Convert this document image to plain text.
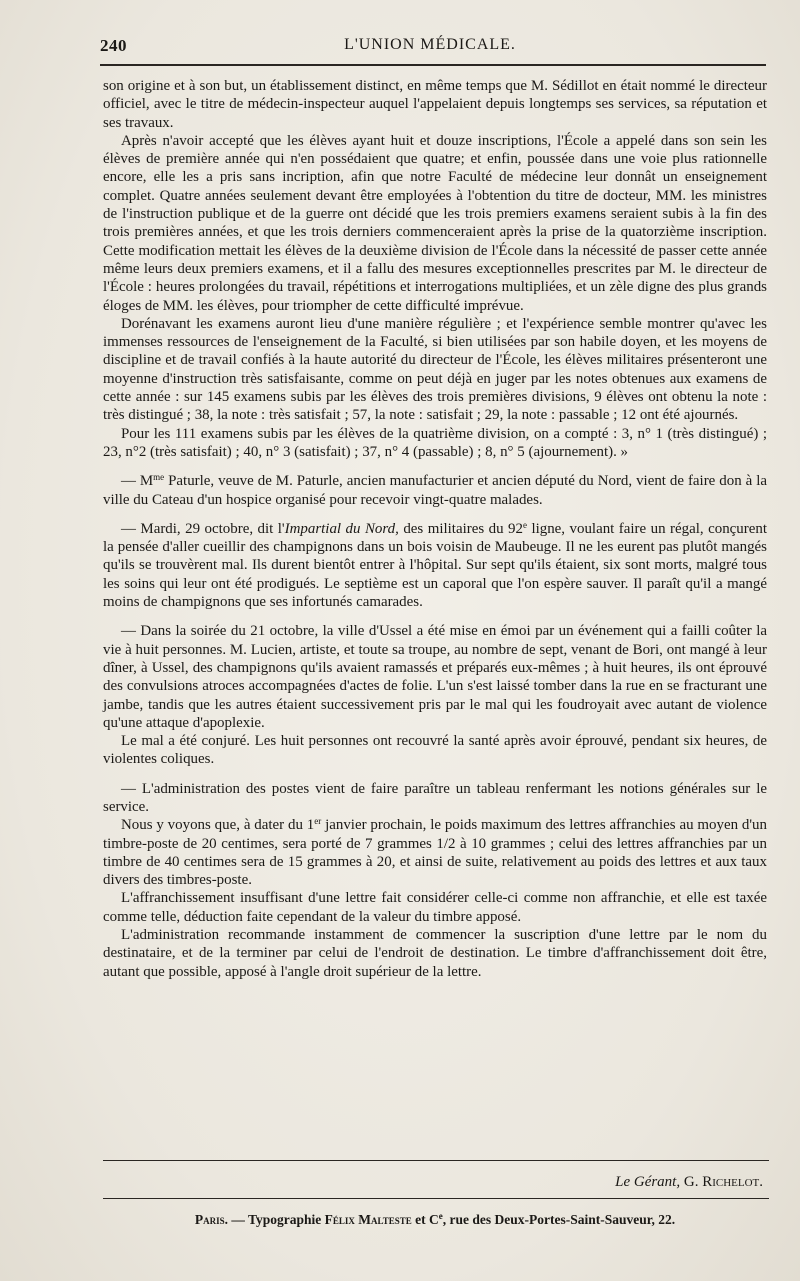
240	L'UNION MÉDICALE.

son origine et à son but, un établissement distinct, en même temps que M. Sédillot en était nommé le directeur officiel, avec le titre de médecin-inspecteur auquel l'appelaient depuis longtemps ses services, sa réputation et ses travaux.

Après n'avoir accepté que les élèves ayant huit et douze inscriptions, l'École a appelé dans son sein les élèves de première année qui n'en possédaient que quatre; et enfin, poussée dans une voie plus rationnelle encore, elle les a pris sans incription, afin que notre Faculté de médecine leur donnât un enseignement complet. Quatre années seulement devant être employées à l'obtention du titre de docteur, MM. les ministres de l'instruction publique et de la guerre ont décidé que les trois premiers examens seraient subis à la fin des trois premières années, et que les trois derniers commenceraient après la prise de la quatorzième inscription. Cette modification mettait les élèves de la deuxième division de l'École dans la nécessité de passer cette année même leurs deux premiers examens, et il a fallu des mesures exceptionnelles prescrites par M. le directeur de l'École : heures prolongées du travail, répétitions et interrogations multipliées, et un zèle digne des plus grands éloges de MM. les élèves, pour triompher de cette difficulté imprévue.

Dorénavant les examens auront lieu d'une manière régulière ; et l'expérience semble montrer qu'avec les immenses ressources de l'enseignement de la Faculté, si bien utilisées par son habile doyen, et les moyens de discipline et de travail confiés à la haute autorité du directeur de l'École, les élèves militaires présenteront une moyenne d'instruction très satisfaisante, comme on peut déjà en juger par les notes obtenues aux examens de cette année : sur 145 examens subis par les élèves des trois premières divisions, 9 élèves ont obtenu la note : très distingué ; 38, la note : très satisfait ; 57, la note : satisfait ; 29, la note : passable ; 12 ont été ajournés.

Pour les 111 examens subis par les élèves de la quatrième division, on a compté : 3, n° 1 (très distingué) ; 23, n°2 (très satisfait) ; 40, n° 3 (satisfait) ; 37, n° 4 (passable) ; 8, n° 5 (ajournement). »

— $M^{me}$ Paturle, veuve de M. Paturle, ancien manufacturier et ancien député du Nord, vient de faire don à la ville du Cateau d'un hospice organisé pour recevoir vingt-quatre malades.

— Mardi, 29 octobre, dit l'Impartial du Nord, des militaires du 92e ligne, voulant faire un régal, conçurent la pensée d'aller cueillir des champignons dans un bois voisin de Maubeuge. Il ne les eurent pas plutôt mangés qu'ils se trouvèrent mal. Ils durent bientôt entrer à l'hôpital. Sur sept qu'ils étaient, six sont morts, malgré tous les soins qui leur ont été prodigués. Le septième est un caporal que l'on espère sauver. Il paraît qu'il a mangé moins de champignons que ses infortunés camarades.

— Dans la soirée du 21 octobre, la ville d'Ussel a été mise en émoi par un événement qui a failli coûter la vie à huit personnes. M. Lucien, artiste, et toute sa troupe, au nombre de sept, venant de Bori, ont mangé à leur dîner, à Ussel, des champignons qu'ils avaient ramassés et préparés eux-mêmes ; à huit heures, ils ont éprouvé des convulsions atroces accompagnées d'actes de folie. L'un s'est laissé tomber dans la rue en se fracturant une jambe, tandis que les autres étaient successivement pris par le mal qui les foudroyait avec autant de violence qu'une attaque d'apoplexie.

Le mal a été conjuré. Les huit personnes ont recouvré la santé après avoir éprouvé, pendant six heures, de violentes coliques.

— L'administration des postes vient de faire paraître un tableau renfermant les notions générales sur le service.

Nous y voyons que, à dater du 1er janvier prochain, le poids maximum des lettres affranchies au moyen d'un timbre-poste de 20 centimes, sera porté de 7 grammes 1/2 à 10 grammes ; celui des lettres affranchies par un timbre de 40 centimes sera de 15 grammes à 20, et ainsi de suite, relativement au poids des lettres et aux taux divers des timbres-poste.

L'affranchissement insuffisant d'une lettre fait considérer celle-ci comme non affranchie, et elle est taxée comme telle, déduction faite cependant de la valeur du timbre apposé.

L'administration recommande instamment de commencer la suscription d'une lettre par le nom du destinataire, et de la terminer par celui de l'endroit de destination. Le timbre d'affranchissement doit être, autant que possible, apposé à l'angle droit supérieur de la lettre.

Le Gérant, G. Richelot.
Paris. — Typographie Félix Malteste et Ce, rue des Deux-Portes-Saint-Sauveur, 22.
